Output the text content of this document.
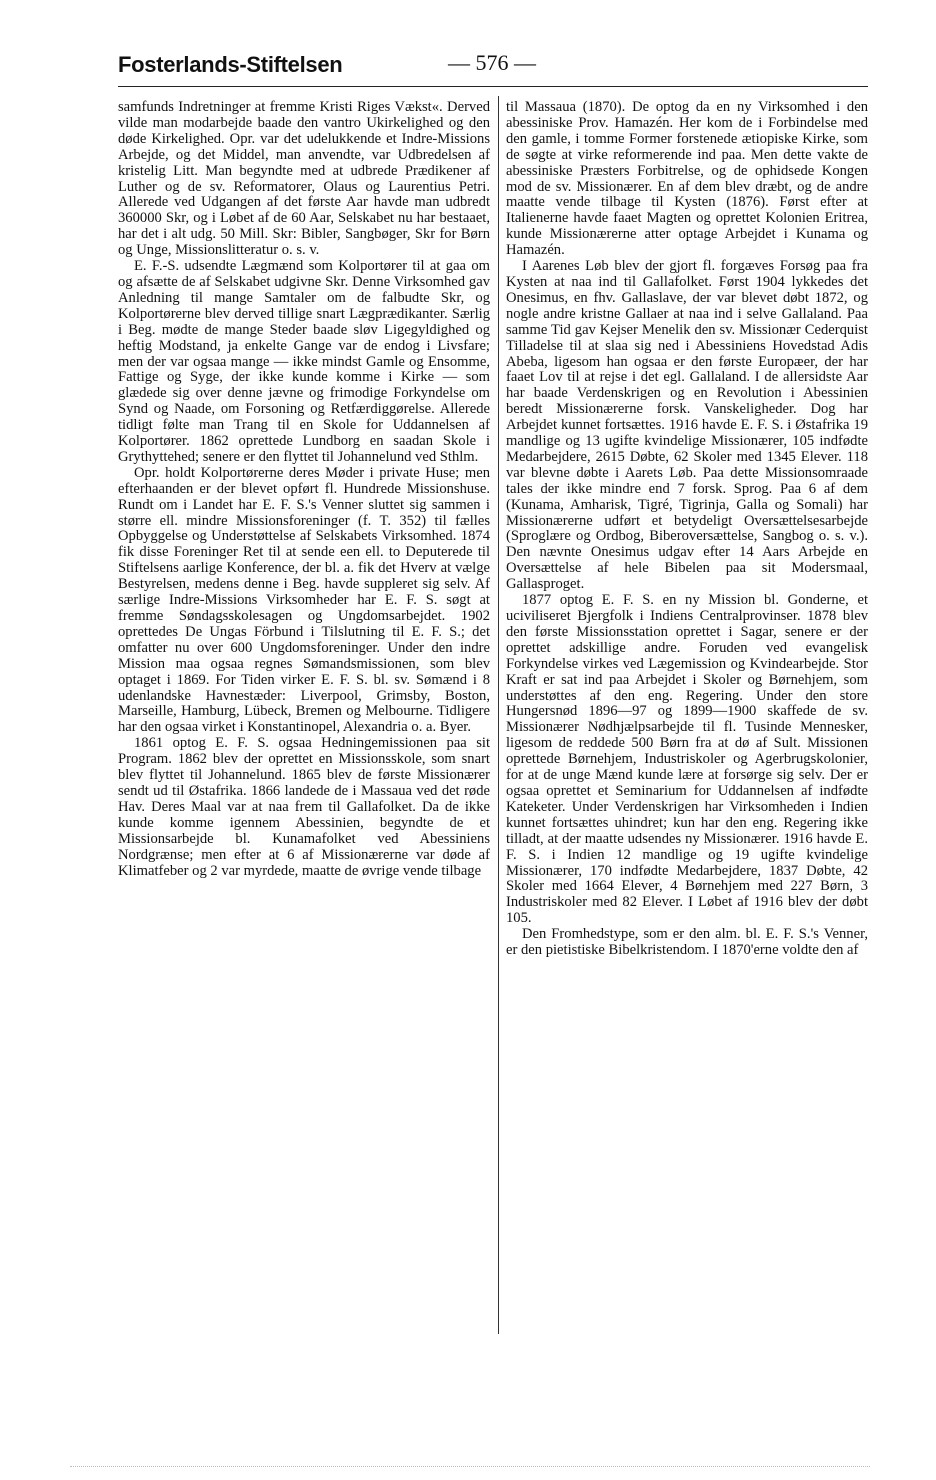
Fosterlands-Stiftelsen	— 576 —

samfunds Indretninger at fremme Kristi Riges Vækst«. Derved vilde man modarbejde baade den vantro Ukirkelighed og den døde Kirkelighed. Opr. var det udelukkende et Indre-Missions Arbejde, og det Middel, man anvendte, var Udbredelsen af kristelig Litt. Man begyndte med at udbrede Prædikener af Luther og de sv. Reformatorer, Olaus og Laurentius Petri. Allerede ved Udgangen af det første Aar havde man udbredt 360000 Skr, og i Løbet af de 60 Aar, Selskabet nu har bestaaet, har det i alt udg. 50 Mill. Skr: Bibler, Sangbøger, Skr for Børn og Unge, Missionslitteratur o. s. v.

E. F.-S. udsendte Lægmænd som Kolportører til at gaa om og afsætte de af Selskabet udgivne Skr. Denne Virksomhed gav Anledning til mange Samtaler om de falbudte Skr, og Kolportørerne blev derved tillige snart Lægprædikanter. Særlig i Beg. mødte de mange Steder baade sløv Ligegyldighed og heftig Modstand, ja enkelte Gange var de endog i Livsfare; men der var ogsaa mange — ikke mindst Gamle og Ensomme, Fattige og Syge, der ikke kunde komme i Kirke — som glædede sig over denne jævne og frimodige Forkyndelse om Synd og Naade, om Forsoning og Retfærdiggørelse. Allerede tidligt følte man Trang til en Skole for Uddannelsen af Kolportører. 1862 oprettede Lundborg en saadan Skole i Grythyttehed; senere er den flyttet til Johannelund ved Sthlm.

Opr. holdt Kolportørerne deres Møder i private Huse; men efterhaanden er der blevet opført fl. Hundrede Missionshuse. Rundt om i Landet har E. F. S.'s Venner sluttet sig sammen i større ell. mindre Missionsforeninger (f. T. 352) til fælles Opbyggelse og Understøttelse af Selskabets Virksomhed. 1874 fik disse Foreninger Ret til at sende een ell. to Deputerede til Stiftelsens aarlige Konference, der bl. a. fik det Hverv at vælge Bestyrelsen, medens denne i Beg. havde suppleret sig selv. Af særlige Indre-Missions Virksomheder har E. F. S. søgt at fremme Søndagsskolesagen og Ungdomsarbejdet. 1902 oprettedes De Ungas Förbund i Tilslutning til E. F. S.; det omfatter nu over 600 Ungdomsforeninger. Under den indre Mission maa ogsaa regnes Sømandsmissionen, som blev optaget i 1869. For Tiden virker E. F. S. bl. sv. Sømænd i 8 udenlandske Havnestæder: Liverpool, Grimsby, Boston, Marseille, Hamburg, Lübeck, Bremen og Melbourne. Tidligere har den ogsaa virket i Konstantinopel, Alexandria o. a. Byer.

1861 optog E. F. S. ogsaa Hedningemissionen paa sit Program. 1862 blev der oprettet en Missionsskole, som snart blev flyttet til Johannelund. 1865 blev de første Missionærer sendt ud til Østafrika. 1866 landede de i Massaua ved det røde Hav. Deres Maal var at naa frem til Gallafolket. Da de ikke kunde komme igennem Abessinien, begyndte de et Missionsarbejde bl. Kunamafolket ved Abessiniens Nordgrænse; men efter at 6 af Missionærerne var døde af Klimatfeber og 2 var myrdede, maatte de øvrige vende tilbage

til Massaua (1870). De optog da en ny Virksomhed i den abessiniske Prov. Hamazén. Her kom de i Forbindelse med den gamle, i tomme Former forstenede ætiopiske Kirke, som de søgte at virke reformerende ind paa. Men dette vakte de abessiniske Præsters Forbitrelse, og de ophidsede Kongen mod de sv. Missionærer. En af dem blev dræbt, og de andre maatte vende tilbage til Kysten (1876). Først efter at Italienerne havde faaet Magten og oprettet Kolonien Eritrea, kunde Missionærerne atter optage Arbejdet i Kunama og Hamazén.

I Aarenes Løb blev der gjort fl. forgæves Forsøg paa fra Kysten at naa ind til Gallafolket. Først 1904 lykkedes det Onesimus, en fhv. Gallaslave, der var blevet døbt 1872, og nogle andre kristne Gallaer at naa ind i selve Gallaland. Paa samme Tid gav Kejser Menelik den sv. Missionær Cederquist Tilladelse til at slaa sig ned i Abessiniens Hovedstad Adis Abeba, ligesom han ogsaa er den første Europæer, der har faaet Lov til at rejse i det egl. Gallaland. I de allersidste Aar har baade Verdenskrigen og en Revolution i Abessinien beredt Missionærerne forsk. Vanskeligheder. Dog har Arbejdet kunnet fortsættes. 1916 havde E. F. S. i Østafrika 19 mandlige og 13 ugifte kvindelige Missionærer, 105 indfødte Medarbejdere, 2615 Døbte, 62 Skoler med 1345 Elever. 118 var blevne døbte i Aarets Løb. Paa dette Missionsomraade tales der ikke mindre end 7 forsk. Sprog. Paa 6 af dem (Kunama, Amharisk, Tigré, Tigrinja, Galla og Somali) har Missionærerne udført et betydeligt Oversættelsesarbejde (Sproglære og Ordbog, Biberoversættelse, Sangbog o. s. v.). Den nævnte Onesimus udgav efter 14 Aars Arbejde en Oversættelse af hele Bibelen paa sit Modersmaal, Gallasproget.

1877 optog E. F. S. en ny Mission bl. Gonderne, et uciviliseret Bjergfolk i Indiens Centralprovinser. 1878 blev den første Missionsstation oprettet i Sagar, senere er der oprettet adskillige andre. Foruden ved evangelisk Forkyndelse virkes ved Lægemission og Kvindearbejde. Stor Kraft er sat ind paa Arbejdet i Skoler og Børnehjem, som understøttes af den eng. Regering. Under den store Hungersnød 1896—97 og 1899—1900 skaffede de sv. Missionærer Nødhjælpsarbejde til fl. Tusinde Mennesker, ligesom de reddede 500 Børn fra at dø af Sult. Missionen oprettede Børnehjem, Industriskoler og Agerbrugskolonier, for at de unge Mænd kunde lære at forsørge sig selv. Der er ogsaa oprettet et Seminarium for Uddannelsen af indfødte Kateketer. Under Verdenskrigen har Virksomheden i Indien kunnet fortsættes uhindret; kun har den eng. Regering ikke tilladt, at der maatte udsendes ny Missionærer. 1916 havde E. F. S. i Indien 12 mandlige og 19 ugifte kvindelige Missionærer, 170 indfødte Medarbejdere, 1837 Døbte, 42 Skoler med 1664 Elever, 4 Børnehjem med 227 Børn, 3 Industriskoler med 82 Elever. I Løbet af 1916 blev der døbt 105.

Den Fromhedstype, som er den alm. bl. E. F. S.'s Venner, er den pietistiske Bibelkristendom. I 1870'erne voldte den af
